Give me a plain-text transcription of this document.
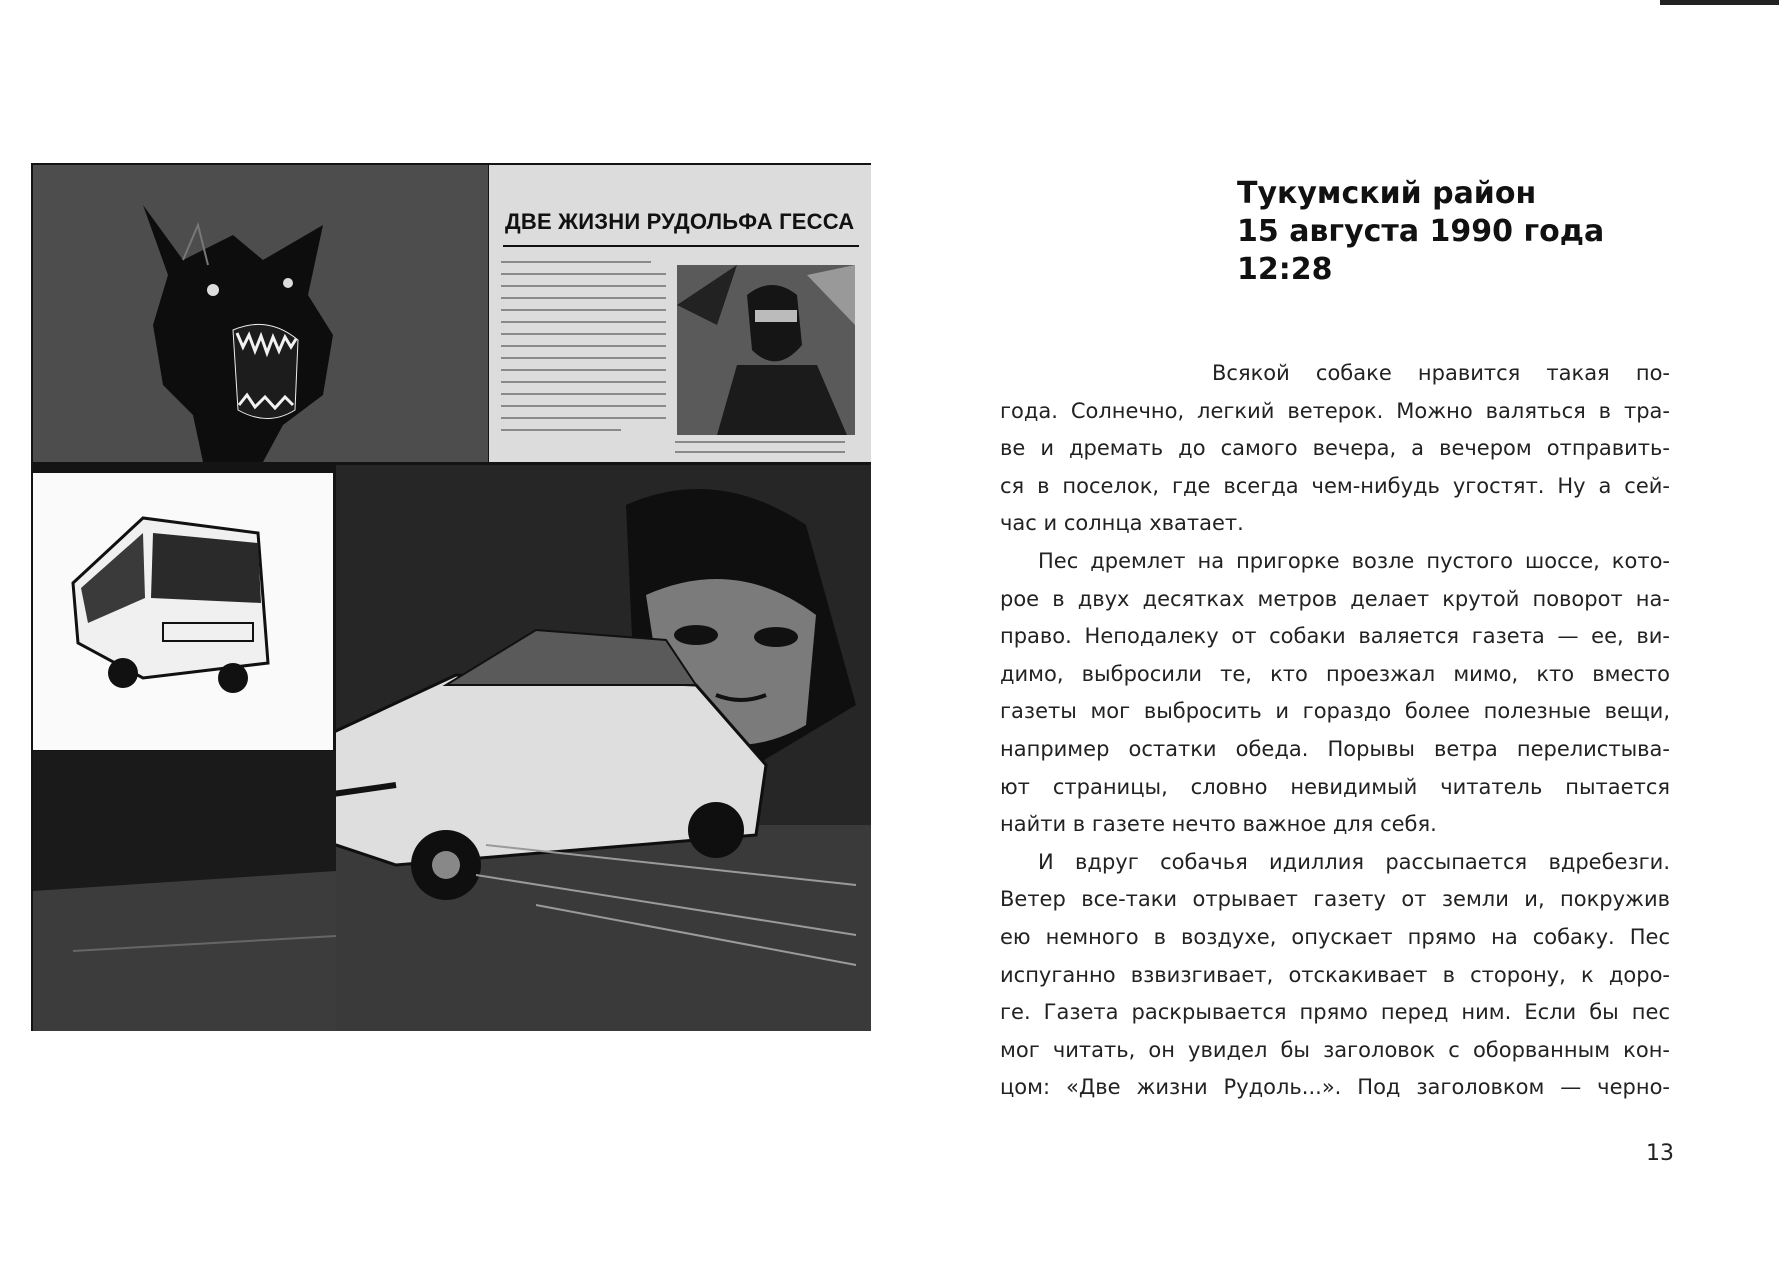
ДВЕ ЖИЗНИ РУДОЛЬФА ГЕССА
Тукумский район
15 августа 1990 года
12:28
Всякой собаке нравится такая по-
года. Солнечно, легкий ветерок. Можно валяться в тра-
ве и дремать до самого вечера, а вечером отправить-
ся в поселок, где всегда чем-нибудь угостят. Ну а сей-
час и солнца хватает.
Пес дремлет на пригорке возле пустого шоссе, кото-
рое в двух десятках метров делает крутой поворот на-
право. Неподалеку от собаки валяется газета — ее, ви-
димо, выбросили те, кто проезжал мимо, кто вместо
газеты мог выбросить и гораздо более полезные вещи,
например остатки обеда. Порывы ветра перелистыва-
ют страницы, словно невидимый читатель пытается
найти в газете нечто важное для себя.
И вдруг собачья идиллия рассыпается вдребезги.
Ветер все-таки отрывает газету от земли и, покружив
ею немного в воздухе, опускает прямо на собаку. Пес
испуганно взвизгивает, отскакивает в сторону, к доро-
ге. Газета раскрывается прямо перед ним. Если бы пес
мог читать, он увидел бы заголовок с оборванным кон-
цом: «Две жизни Рудоль...». Под заголовком — черно-
13
